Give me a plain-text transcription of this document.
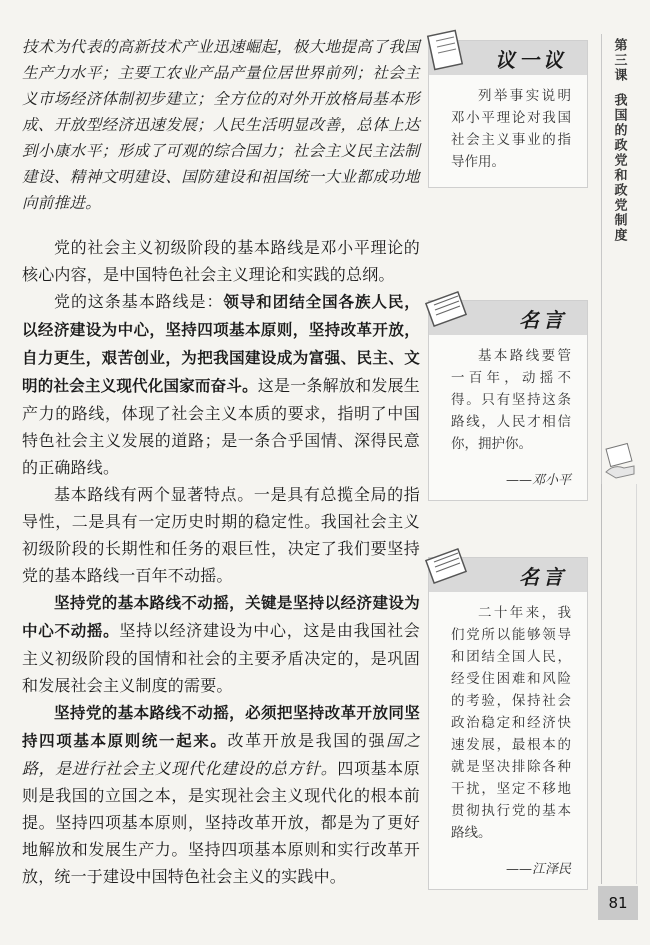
技术为代表的高新技术产业迅速崛起，极大地提高了我国生产力水平；主要工农业产品产量位居世界前列；社会主义市场经济体制初步建立；全方位的对外开放格局基本形成、开放型经济迅速发展；人民生活明显改善，总体上达到小康水平；形成了可观的综合国力；社会主义民主法制建设、精神文明建设、国防建设和祖国统一大业都成功地向前推进。

党的社会主义初级阶段的基本路线是邓小平理论的核心内容，是中国特色社会主义理论和实践的总纲。

党的这条基本路线是：领导和团结全国各族人民，以经济建设为中心，坚持四项基本原则，坚持改革开放，自力更生，艰苦创业，为把我国建设成为富强、民主、文明的社会主义现代化国家而奋斗。这是一条解放和发展生产力的路线，体现了社会主义本质的要求，指明了中国特色社会主义发展的道路；是一条合乎国情、深得民意的正确路线。

基本路线有两个显著特点。一是具有总揽全局的指导性，二是具有一定历史时期的稳定性。我国社会主义初级阶段的长期性和任务的艰巨性，决定了我们要坚持党的基本路线一百年不动摇。

坚持党的基本路线不动摇，关键是坚持以经济建设为中心不动摇。坚持以经济建设为中心，这是由我国社会主义初级阶段的国情和社会的主要矛盾决定的，是巩固和发展社会主义制度的需要。

坚持党的基本路线不动摇，必须把坚持改革开放同坚持四项基本原则统一起来。改革开放是我国的强国之路，是进行社会主义现代化建设的总方针。四项基本原则是我国的立国之本，是实现社会主义现代化的根本前提。坚持四项基本原则，坚持改革开放，都是为了更好地解放和发展生产力。坚持四项基本原则和实行改革开放，统一于建设中国特色社会主义的实践中。

议一议
列举事实说明邓小平理论对我国社会主义事业的指导作用。
名言
基本路线要管一百年，动摇不得。只有坚持这条路线，人民才相信你，拥护你。
——邓小平
名言
二十年来，我们党所以能够领导和团结全国人民，经受住困难和风险的考验，保持社会政治稳定和经济快速发展，最根本的就是坚决排除各种干扰，坚定不移地贯彻执行党的基本路线。
——江泽民
第三课
我国的政党和政党制度
81
